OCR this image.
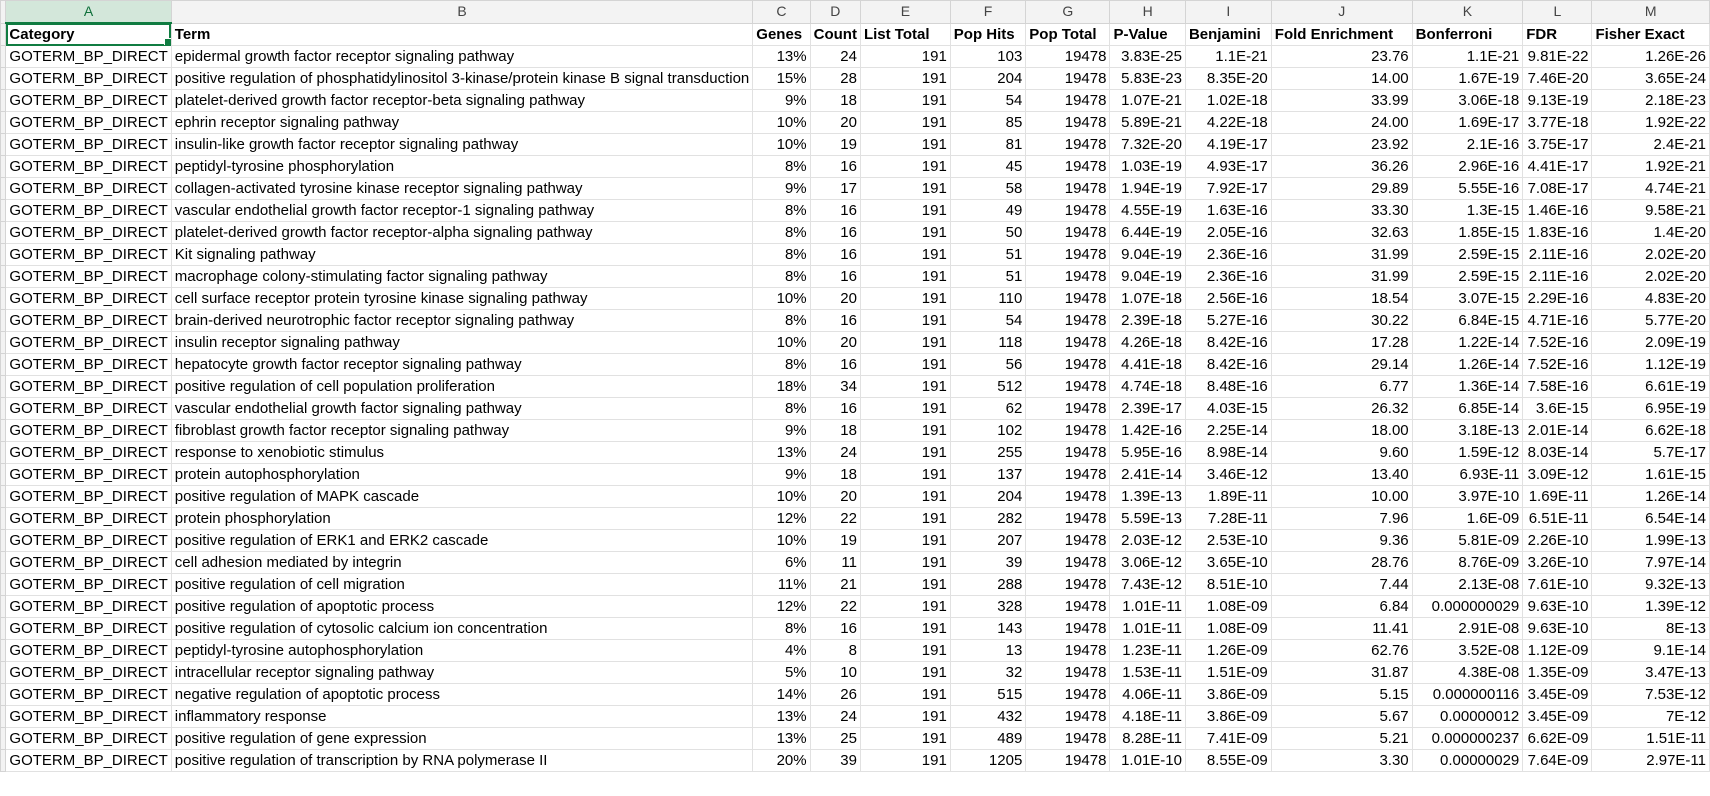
	A	B	C	D	E	F	G	H	I	J	K	L	M
	Category	Term	Genes	Count	List Total	Pop Hits	Pop Total	P-Value	Benjamini	Fold Enrichment	Bonferroni	FDR	Fisher Exact
	GOTERM_BP_DIRECT	epidermal growth factor receptor signaling pathway	13%	24	191	103	19478	3.83E-25	1.1E-21	23.76	1.1E-21	9.81E-22	1.26E-26
	GOTERM_BP_DIRECT	positive regulation of phosphatidylinositol 3-kinase/protein kinase B signal transduction	15%	28	191	204	19478	5.83E-23	8.35E-20	14.00	1.67E-19	7.46E-20	3.65E-24
	GOTERM_BP_DIRECT	platelet-derived growth factor receptor-beta signaling pathway	9%	18	191	54	19478	1.07E-21	1.02E-18	33.99	3.06E-18	9.13E-19	2.18E-23
	GOTERM_BP_DIRECT	ephrin receptor signaling pathway	10%	20	191	85	19478	5.89E-21	4.22E-18	24.00	1.69E-17	3.77E-18	1.92E-22
	GOTERM_BP_DIRECT	insulin-like growth factor receptor signaling pathway	10%	19	191	81	19478	7.32E-20	4.19E-17	23.92	2.1E-16	3.75E-17	2.4E-21
	GOTERM_BP_DIRECT	peptidyl-tyrosine phosphorylation	8%	16	191	45	19478	1.03E-19	4.93E-17	36.26	2.96E-16	4.41E-17	1.92E-21
	GOTERM_BP_DIRECT	collagen-activated tyrosine kinase receptor signaling pathway	9%	17	191	58	19478	1.94E-19	7.92E-17	29.89	5.55E-16	7.08E-17	4.74E-21
	GOTERM_BP_DIRECT	vascular endothelial growth factor receptor-1 signaling pathway	8%	16	191	49	19478	4.55E-19	1.63E-16	33.30	1.3E-15	1.46E-16	9.58E-21
	GOTERM_BP_DIRECT	platelet-derived growth factor receptor-alpha signaling pathway	8%	16	191	50	19478	6.44E-19	2.05E-16	32.63	1.85E-15	1.83E-16	1.4E-20
	GOTERM_BP_DIRECT	Kit signaling pathway	8%	16	191	51	19478	9.04E-19	2.36E-16	31.99	2.59E-15	2.11E-16	2.02E-20
	GOTERM_BP_DIRECT	macrophage colony-stimulating factor signaling pathway	8%	16	191	51	19478	9.04E-19	2.36E-16	31.99	2.59E-15	2.11E-16	2.02E-20
	GOTERM_BP_DIRECT	cell surface receptor protein tyrosine kinase signaling pathway	10%	20	191	110	19478	1.07E-18	2.56E-16	18.54	3.07E-15	2.29E-16	4.83E-20
	GOTERM_BP_DIRECT	brain-derived neurotrophic factor receptor signaling pathway	8%	16	191	54	19478	2.39E-18	5.27E-16	30.22	6.84E-15	4.71E-16	5.77E-20
	GOTERM_BP_DIRECT	insulin receptor signaling pathway	10%	20	191	118	19478	4.26E-18	8.42E-16	17.28	1.22E-14	7.52E-16	2.09E-19
	GOTERM_BP_DIRECT	hepatocyte growth factor receptor signaling pathway	8%	16	191	56	19478	4.41E-18	8.42E-16	29.14	1.26E-14	7.52E-16	1.12E-19
	GOTERM_BP_DIRECT	positive regulation of cell population proliferation	18%	34	191	512	19478	4.74E-18	8.48E-16	6.77	1.36E-14	7.58E-16	6.61E-19
	GOTERM_BP_DIRECT	vascular endothelial growth factor signaling pathway	8%	16	191	62	19478	2.39E-17	4.03E-15	26.32	6.85E-14	3.6E-15	6.95E-19
	GOTERM_BP_DIRECT	fibroblast growth factor receptor signaling pathway	9%	18	191	102	19478	1.42E-16	2.25E-14	18.00	3.18E-13	2.01E-14	6.62E-18
	GOTERM_BP_DIRECT	response to xenobiotic stimulus	13%	24	191	255	19478	5.95E-16	8.98E-14	9.60	1.59E-12	8.03E-14	5.7E-17
	GOTERM_BP_DIRECT	protein autophosphorylation	9%	18	191	137	19478	2.41E-14	3.46E-12	13.40	6.93E-11	3.09E-12	1.61E-15
	GOTERM_BP_DIRECT	positive regulation of MAPK cascade	10%	20	191	204	19478	1.39E-13	1.89E-11	10.00	3.97E-10	1.69E-11	1.26E-14
	GOTERM_BP_DIRECT	protein phosphorylation	12%	22	191	282	19478	5.59E-13	7.28E-11	7.96	1.6E-09	6.51E-11	6.54E-14
	GOTERM_BP_DIRECT	positive regulation of ERK1 and ERK2 cascade	10%	19	191	207	19478	2.03E-12	2.53E-10	9.36	5.81E-09	2.26E-10	1.99E-13
	GOTERM_BP_DIRECT	cell adhesion mediated by integrin	6%	11	191	39	19478	3.06E-12	3.65E-10	28.76	8.76E-09	3.26E-10	7.97E-14
	GOTERM_BP_DIRECT	positive regulation of cell migration	11%	21	191	288	19478	7.43E-12	8.51E-10	7.44	2.13E-08	7.61E-10	9.32E-13
	GOTERM_BP_DIRECT	positive regulation of apoptotic process	12%	22	191	328	19478	1.01E-11	1.08E-09	6.84	0.000000029	9.63E-10	1.39E-12
	GOTERM_BP_DIRECT	positive regulation of cytosolic calcium ion concentration	8%	16	191	143	19478	1.01E-11	1.08E-09	11.41	2.91E-08	9.63E-10	8E-13
	GOTERM_BP_DIRECT	peptidyl-tyrosine autophosphorylation	4%	8	191	13	19478	1.23E-11	1.26E-09	62.76	3.52E-08	1.12E-09	9.1E-14
	GOTERM_BP_DIRECT	intracellular receptor signaling pathway	5%	10	191	32	19478	1.53E-11	1.51E-09	31.87	4.38E-08	1.35E-09	3.47E-13
	GOTERM_BP_DIRECT	negative regulation of apoptotic process	14%	26	191	515	19478	4.06E-11	3.86E-09	5.15	0.000000116	3.45E-09	7.53E-12
	GOTERM_BP_DIRECT	inflammatory response	13%	24	191	432	19478	4.18E-11	3.86E-09	5.67	0.00000012	3.45E-09	7E-12
	GOTERM_BP_DIRECT	positive regulation of gene expression	13%	25	191	489	19478	8.28E-11	7.41E-09	5.21	0.000000237	6.62E-09	1.51E-11
	GOTERM_BP_DIRECT	positive regulation of transcription by RNA polymerase II	20%	39	191	1205	19478	1.01E-10	8.55E-09	3.30	0.00000029	7.64E-09	2.97E-11
